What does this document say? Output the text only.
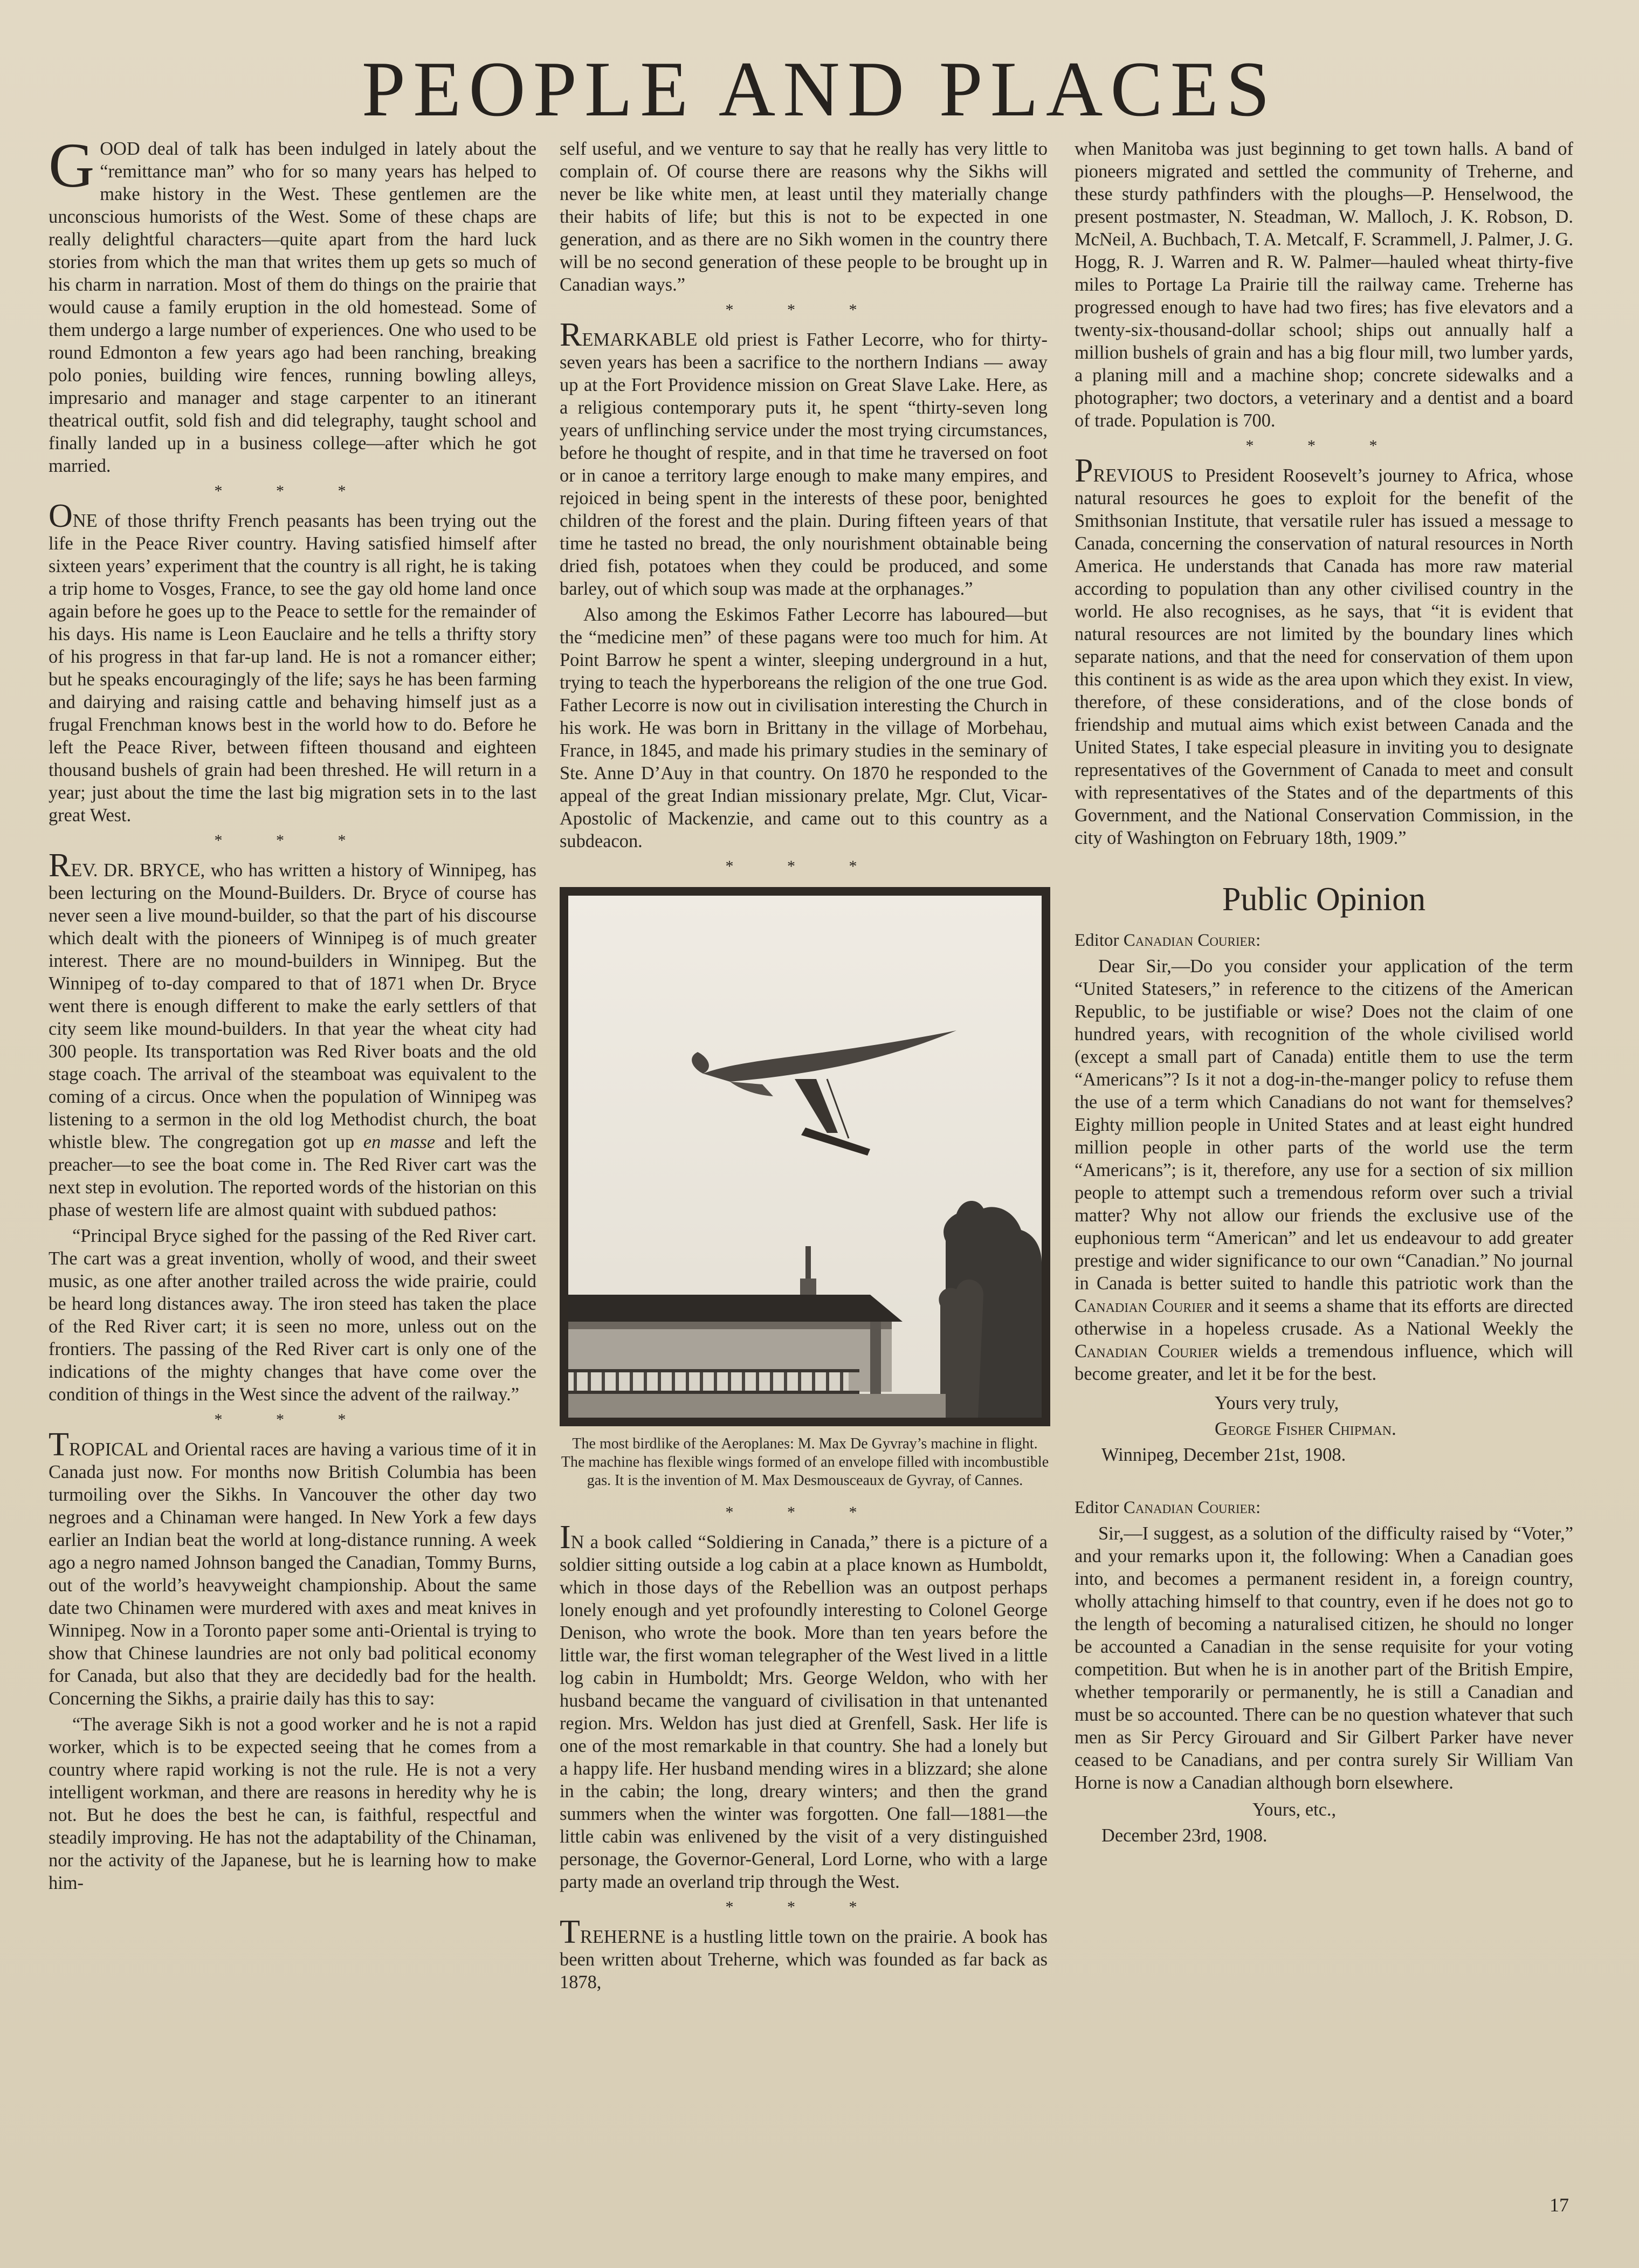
PEOPLE AND PLACES

GOOD deal of talk has been indulged in lately about the “remittance man” who for so many years has helped to make history in the West. These gentlemen are the unconscious humorists of the West. Some of these chaps are really delightful characters—quite apart from the hard luck stories from which the man that writes them up gets so much of his charm in narration. Most of them do things on the prairie that would cause a family eruption in the old homestead. Some of them undergo a large number of experiences. One who used to be round Edmonton a few years ago had been ranching, breaking polo ponies, building wire fences, running bowling alleys, impresario and manager and stage carpenter to an itinerant theatrical outfit, sold fish and did telegraphy, taught school and finally landed up in a business college—after which he got married.

* * *

ONE of those thrifty French peasants has been trying out the life in the Peace River country. Having satisfied himself after sixteen years’ experiment that the country is all right, he is taking a trip home to Vosges, France, to see the gay old home land once again before he goes up to the Peace to settle for the remainder of his days. His name is Leon Eauclaire and he tells a thrifty story of his progress in that far-up land. He is not a romancer either; but he speaks encouragingly of the life; says he has been farming and dairying and raising cattle and behaving himself just as a frugal Frenchman knows best in the world how to do. Before he left the Peace River, between fifteen thousand and eighteen thousand bushels of grain had been threshed. He will return in a year; just about the time the last big migration sets in to the last great West.

* * *

REV. DR. BRYCE, who has written a history of Winnipeg, has been lecturing on the Mound-Builders. Dr. Bryce of course has never seen a live mound-builder, so that the part of his discourse which dealt with the pioneers of Winnipeg is of much greater interest. There are no mound-builders in Winnipeg. But the Winnipeg of to-day compared to that of 1871 when Dr. Bryce went there is enough different to make the early settlers of that city seem like mound-builders. In that year the wheat city had 300 people. Its transportation was Red River boats and the old stage coach. The arrival of the steamboat was equivalent to the coming of a circus. Once when the population of Winnipeg was listening to a sermon in the old log Methodist church, the boat whistle blew. The congregation got up en masse and left the preacher—to see the boat come in. The Red River cart was the next step in evolution. The reported words of the historian on this phase of western life are almost quaint with subdued pathos:

“Principal Bryce sighed for the passing of the Red River cart. The cart was a great invention, wholly of wood, and their sweet music, as one after another trailed across the wide prairie, could be heard long distances away. The iron steed has taken the place of the Red River cart; it is seen no more, unless out on the frontiers. The passing of the Red River cart is only one of the indications of the mighty changes that have come over the condition of things in the West since the advent of the railway.”

* * *

TROPICAL and Oriental races are having a various time of it in Canada just now. For months now British Columbia has been turmoiling over the Sikhs. In Vancouver the other day two negroes and a Chinaman were hanged. In New York a few days earlier an Indian beat the world at long-distance running. A week ago a negro named Johnson banged the Canadian, Tommy Burns, out of the world’s heavyweight championship. About the same date two Chinamen were murdered with axes and meat knives in Winnipeg. Now in a Toronto paper some anti-Oriental is trying to show that Chinese laundries are not only bad political economy for Canada, but also that they are decidedly bad for the health. Concerning the Sikhs, a prairie daily has this to say:

“The average Sikh is not a good worker and he is not a rapid worker, which is to be expected seeing that he comes from a country where rapid working is not the rule. He is not a very intelligent workman, and there are reasons in heredity why he is not. But he does the best he can, is faithful, respectful and steadily improving. He has not the adaptability of the Chinaman, nor the activity of the Japanese, but he is learning how to make him-

self useful, and we venture to say that he really has very little to complain of. Of course there are reasons why the Sikhs will never be like white men, at least until they materially change their habits of life; but this is not to be expected in one generation, and as there are no Sikh women in the country there will be no second generation of these people to be brought up in Canadian ways.”

* * *

REMARKABLE old priest is Father Lecorre, who for thirty-seven years has been a sacrifice to the northern Indians — away up at the Fort Providence mission on Great Slave Lake. Here, as a religious contemporary puts it, he spent “thirty-seven long years of unflinching service under the most trying circumstances, before he thought of respite, and in that time he traversed on foot or in canoe a territory large enough to make many empires, and rejoiced in being spent in the interests of these poor, benighted children of the forest and the plain. During fifteen years of that time he tasted no bread, the only nourishment obtainable being dried fish, potatoes when they could be produced, and some barley, out of which soup was made at the orphanages.”

Also among the Eskimos Father Lecorre has laboured—but the “medicine men” of these pagans were too much for him. At Point Barrow he spent a winter, sleeping underground in a hut, trying to teach the hyperboreans the religion of the one true God. Father Lecorre is now out in civilisation interesting the Church in his work. He was born in Brittany in the village of Morbehau, France, in 1845, and made his primary studies in the seminary of Ste. Anne D’Auy in that country. On 1870 he responded to the appeal of the great Indian missionary prelate, Mgr. Clut, Vicar-Apostolic of Mackenzie, and came out to this country as a subdeacon.

* * *
The most birdlike of the Aeroplanes: M. Max De Gyvray’s machine in flight.
The machine has flexible wings formed of an envelope filled with incombustible gas. It is the invention of M. Max Desmousceaux de Gyvray, of Cannes.
* * *

IN a book called “Soldiering in Canada,” there is a picture of a soldier sitting outside a log cabin at a place known as Humboldt, which in those days of the Rebellion was an outpost perhaps lonely enough and yet profoundly interesting to Colonel George Denison, who wrote the book. More than ten years before the little war, the first woman telegrapher of the West lived in a little log cabin in Humboldt; Mrs. George Weldon, who with her husband became the vanguard of civilisation in that untenanted region. Mrs. Weldon has just died at Grenfell, Sask. Her life is one of the most remarkable in that country. She had a lonely but a happy life. Her husband mending wires in a blizzard; she alone in the cabin; the long, dreary winters; and then the grand summers when the winter was forgotten. One fall—1881—the little cabin was enlivened by the visit of a very distinguished personage, the Governor-General, Lord Lorne, who with a large party made an overland trip through the West.

* * *

TREHERNE is a hustling little town on the prairie. A book has been written about Treherne, which was founded as far back as 1878,

when Manitoba was just beginning to get town halls. A band of pioneers migrated and settled the community of Treherne, and these sturdy pathfinders with the ploughs—P. Henselwood, the present postmaster, N. Steadman, W. Malloch, J. K. Robson, D. McNeil, A. Buchbach, T. A. Metcalf, F. Scrammell, J. Palmer, J. G. Hogg, R. J. Warren and R. W. Palmer—hauled wheat thirty-five miles to Portage La Prairie till the railway came. Treherne has progressed enough to have had two fires; has five elevators and a twenty-six-thousand-dollar school; ships out annually half a million bushels of grain and has a big flour mill, two lumber yards, a planing mill and a machine shop; concrete sidewalks and a photographer; two doctors, a veterinary and a dentist and a board of trade. Population is 700.

* * *

PREVIOUS to President Roosevelt’s journey to Africa, whose natural resources he goes to exploit for the benefit of the Smithsonian Institute, that versatile ruler has issued a message to Canada, concerning the conservation of natural resources in North America. He understands that Canada has more raw material according to population than any other civilised country in the world. He also recognises, as he says, that “it is evident that natural resources are not limited by the boundary lines which separate nations, and that the need for conservation of them upon this continent is as wide as the area upon which they exist. In view, therefore, of these considerations, and of the close bonds of friendship and mutual aims which exist between Canada and the United States, I take especial pleasure in inviting you to designate representatives of the Government of Canada to meet and consult with representatives of the States and of the departments of this Government, and the National Conservation Commission, in the city of Washington on February 18th, 1909.”

Public Opinion

Editor Canadian Courier:

Dear Sir,—Do you consider your application of the term “United Statesers,” in reference to the citizens of the American Republic, to be justifiable or wise? Does not the claim of one hundred years, with recognition of the whole civilised world (except a small part of Canada) entitle them to use the term “Americans”? Is it not a dog-in-the-manger policy to refuse them the use of a term which Canadians do not want for themselves? Eighty million people in United States and at least eight hundred million people in other parts of the world use the term “Americans”; is it, therefore, any use for a section of six million people to attempt such a tremendous reform over such a trivial matter? Why not allow our friends the exclusive use of the euphonious term “American” and let us endeavour to add greater prestige and wider significance to our own “Canadian.” No journal in Canada is better suited to handle this patriotic work than the Canadian Courier and it seems a shame that its efforts are directed otherwise in a hopeless crusade. As a National Weekly the Canadian Courier wields a tremendous influence, which will become greater, and let it be for the best.

Yours very truly,

George Fisher Chipman.

Winnipeg, December 21st, 1908.

Editor Canadian Courier:

Sir,—I suggest, as a solution of the difficulty raised by “Voter,” and your remarks upon it, the following: When a Canadian goes into, and becomes a permanent resident in, a foreign country, wholly attaching himself to that country, even if he does not go to the length of becoming a naturalised citizen, he should no longer be accounted a Canadian in the sense requisite for your voting competition. But when he is in another part of the British Empire, whether temporarily or permanently, he is still a Canadian and must be so accounted. There can be no question whatever that such men as Sir Percy Girouard and Sir Gilbert Parker have never ceased to be Canadians, and per contra surely Sir William Van Horne is now a Canadian although born elsewhere.

Yours, etc.,

December 23rd, 1908.

17
